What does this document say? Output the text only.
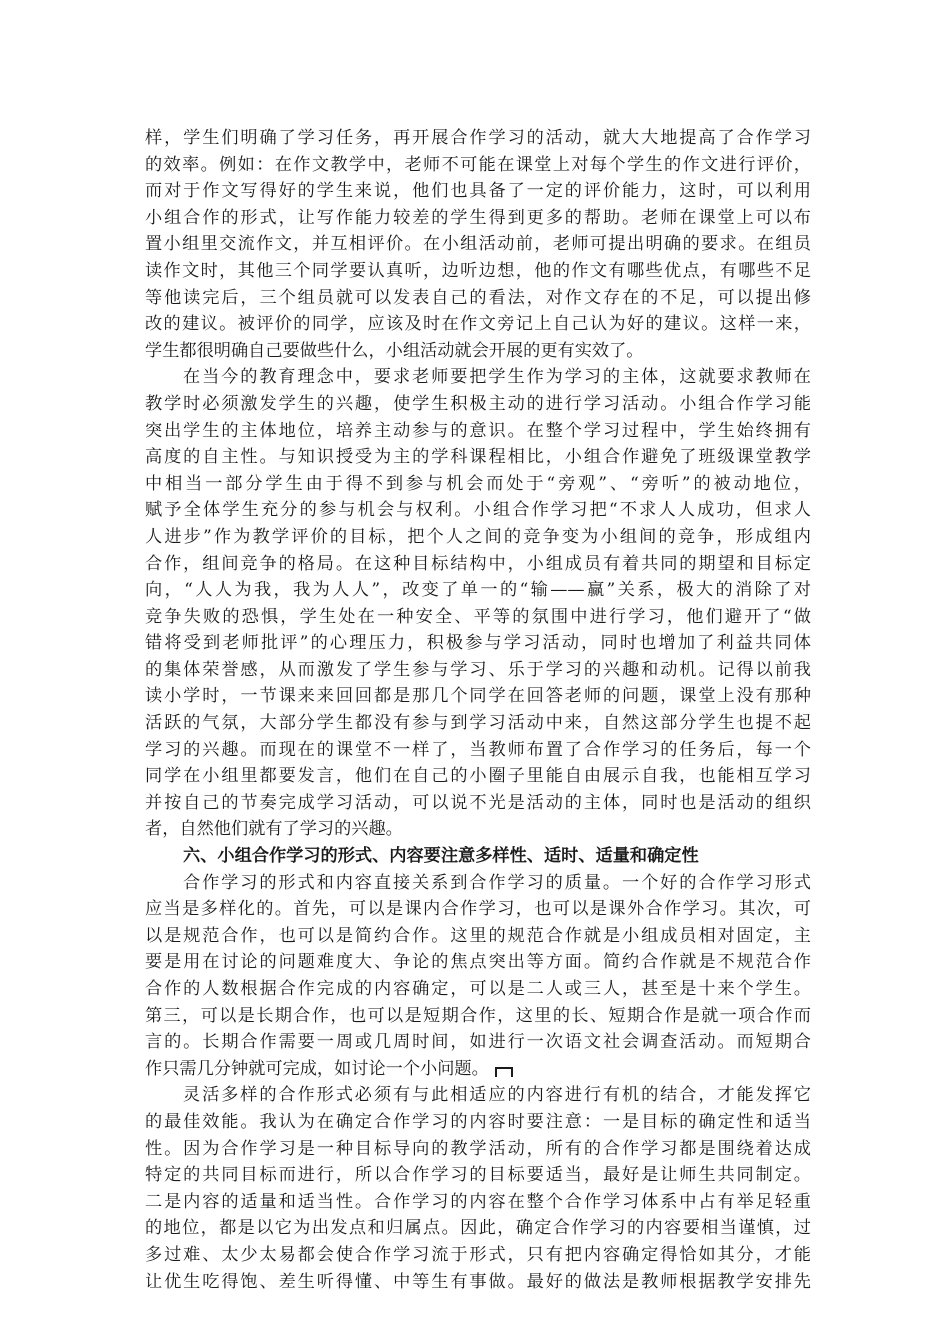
样，学生们明确了学习任务，再开展合作学习的活动，就大大地提高了合作学习
的效率。例如：在作文教学中，老师不可能在课堂上对每个学生的作文进行评价，
而对于作文写得好的学生来说，他们也具备了一定的评价能力，这时，可以利用
小组合作的形式，让写作能力较差的学生得到更多的帮助。老师在课堂上可以布
置小组里交流作文，并互相评价。在小组活动前，老师可提出明确的要求。在组员
读作文时，其他三个同学要认真听，边听边想，他的作文有哪些优点，有哪些不足
等他读完后，三个组员就可以发表自己的看法，对作文存在的不足，可以提出修
改的建议。被评价的同学，应该及时在作文旁记上自己认为好的建议。这样一来，
学生都很明确自己要做些什么，小组活动就会开展的更有实效了。
在当今的教育理念中，要求老师要把学生作为学习的主体，这就要求教师在
教学时必须激发学生的兴趣，使学生积极主动的进行学习活动。小组合作学习能
突出学生的主体地位，培养主动参与的意识。在整个学习过程中，学生始终拥有
高度的自主性。与知识授受为主的学科课程相比，小组合作避免了班级课堂教学
中相当一部分学生由于得不到参与机会而处于“旁观”、“旁听”的被动地位，
赋予全体学生充分的参与机会与权利。小组合作学习把“不求人人成功，但求人
人进步”作为教学评价的目标，把个人之间的竞争变为小组间的竞争，形成组内
合作，组间竞争的格局。在这种目标结构中，小组成员有着共同的期望和目标定
向，“人人为我，我为人人”，改变了单一的“输——赢”关系，极大的消除了对
竞争失败的恐惧，学生处在一种安全、平等的氛围中进行学习，他们避开了“做
错将受到老师批评”的心理压力，积极参与学习活动，同时也增加了利益共同体
的集体荣誉感，从而激发了学生参与学习、乐于学习的兴趣和动机。记得以前我
读小学时，一节课来来回回都是那几个同学在回答老师的问题，课堂上没有那种
活跃的气氛，大部分学生都没有参与到学习活动中来，自然这部分学生也提不起
学习的兴趣。而现在的课堂不一样了，当教师布置了合作学习的任务后，每一个
同学在小组里都要发言，他们在自己的小圈子里能自由展示自我，也能相互学习
并按自己的节奏完成学习活动，可以说不光是活动的主体，同时也是活动的组织
者，自然他们就有了学习的兴趣。
六、小组合作学习的形式、内容要注意多样性、适时、适量和确定性
合作学习的形式和内容直接关系到合作学习的质量。一个好的合作学习形式
应当是多样化的。首先，可以是课内合作学习，也可以是课外合作学习。其次，可
以是规范合作，也可以是简约合作。这里的规范合作就是小组成员相对固定，主
要是用在讨论的问题难度大、争论的焦点突出等方面。简约合作就是不规范合作
合作的人数根据合作完成的内容确定，可以是二人或三人，甚至是十来个学生。
第三，可以是长期合作，也可以是短期合作，这里的长、短期合作是就一项合作而
言的。长期合作需要一周或几周时间，如进行一次语文社会调查活动。而短期合
作只需几分钟就可完成，如讨论一个小问题。
灵活多样的合作形式必须有与此相适应的内容进行有机的结合，才能发挥它
的最佳效能。我认为在确定合作学习的内容时要注意：一是目标的确定性和适当
性。因为合作学习是一种目标导向的教学活动，所有的合作学习都是围绕着达成
特定的共同目标而进行，所以合作学习的目标要适当，最好是让师生共同制定。
二是内容的适量和适当性。合作学习的内容在整个合作学习体系中占有举足轻重
的地位，都是以它为出发点和归属点。因此，确定合作学习的内容要相当谨慎，过
多过难、太少太易都会使合作学习流于形式，只有把内容确定得恰如其分，才能
让优生吃得饱、差生听得懂、中等生有事做。最好的做法是教师根据教学安排先
